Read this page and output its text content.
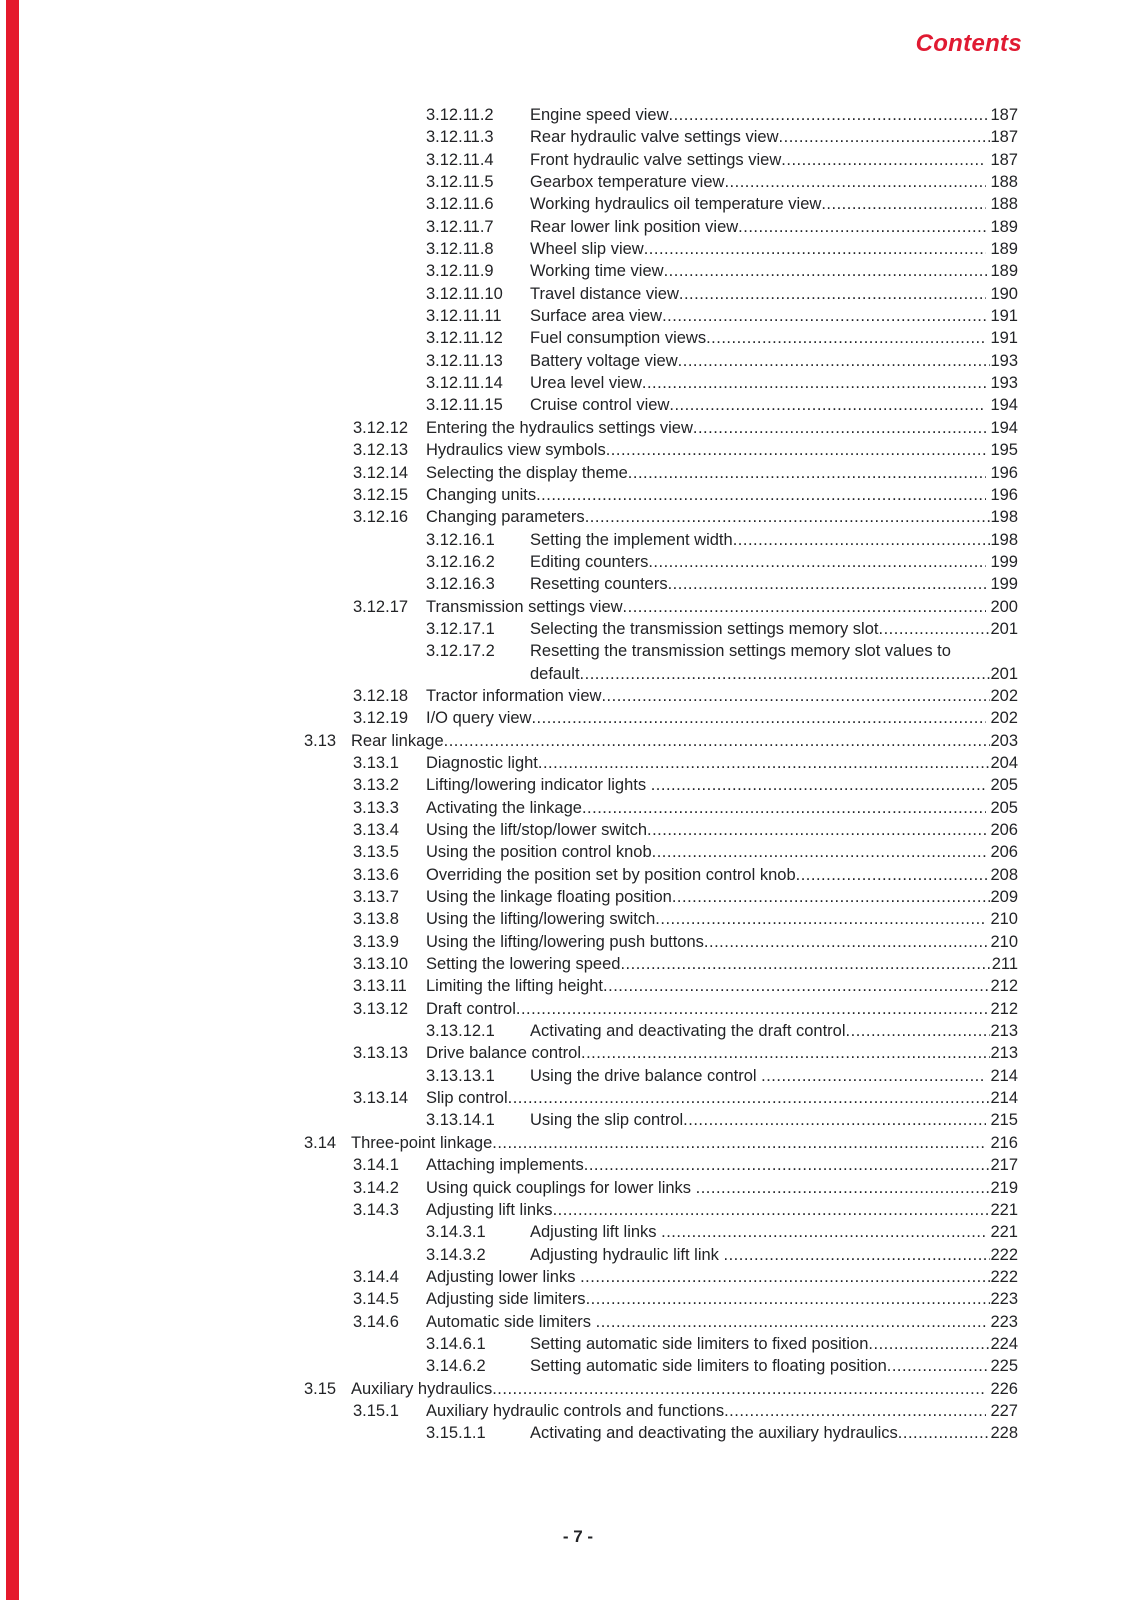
Contents
3.12.11.2	Engine speed view .....	187
3.12.11.3	Rear hydraulic valve settings view .....	187
3.12.11.4	Front hydraulic valve settings view .....	187
3.12.11.5	Gearbox temperature view .....	188
3.12.11.6	Working hydraulics oil temperature view .....	188
3.12.11.7	Rear lower link position view .....	189
3.12.11.8	Wheel slip view .....	189
3.12.11.9	Working time view .....	189
3.12.11.10	Travel distance view .....	190
3.12.11.11	Surface area view .....	191
3.12.11.12	Fuel consumption views .....	191
3.12.11.13	Battery voltage view .....	193
3.12.11.14	Urea level view .....	193
3.12.11.15	Cruise control view .....	194
3.12.12	Entering the hydraulics settings view .....	194
3.12.13	Hydraulics view symbols .....	195
3.12.14	Selecting the display theme .....	196
3.12.15	Changing units .....	196
3.12.16	Changing parameters .....	198
3.12.16.1	Setting the implement width .....	198
3.12.16.2	Editing counters .....	199
3.12.16.3	Resetting counters .....	199
3.12.17	Transmission settings view .....	200
3.12.17.1	Selecting the transmission settings memory slot .....	201
3.12.17.2	Resetting the transmission settings memory slot values to
default .....	201
3.12.18	Tractor information view .....	202
3.12.19	I/O query view .....	202
3.13 Rear linkage .....	203
3.13.1	Diagnostic light .....	204
3.13.2	Lifting/lowering indicator lights .....	205
3.13.3	Activating the linkage .....	205
3.13.4	Using the lift/stop/lower switch .....	206
3.13.5	Using the position control knob .....	206
3.13.6	Overriding the position set by position control knob .....	208
3.13.7	Using the linkage floating position .....	209
3.13.8	Using the lifting/lowering switch .....	210
3.13.9	Using the lifting/lowering push buttons .....	210
3.13.10	Setting the lowering speed .....	211
3.13.11	Limiting the lifting height .....	212
3.13.12	Draft control .....	212
3.13.12.1	Activating and deactivating the draft control .....	213
3.13.13	Drive balance control .....	213
3.13.13.1	Using the drive balance control .....	214
3.13.14	Slip control .....	214
3.13.14.1	Using the slip control .....	215
3.14 Three-point linkage .....	216
3.14.1	Attaching implements .....	217
3.14.2	Using quick couplings for lower links .....	219
3.14.3	Adjusting lift links .....	221
3.14.3.1	Adjusting lift links .....	221
3.14.3.2	Adjusting hydraulic lift link .....	222
3.14.4	Adjusting lower links .....	222
3.14.5	Adjusting side limiters .....	223
3.14.6	Automatic side limiters .....	223
3.14.6.1	Setting automatic side limiters to fixed position .....	224
3.14.6.2	Setting automatic side limiters to floating position .....	225
3.15 Auxiliary hydraulics .....	226
3.15.1	Auxiliary hydraulic controls and functions .....	227
3.15.1.1	Activating and deactivating the auxiliary hydraulics .....	228
- 7 -
